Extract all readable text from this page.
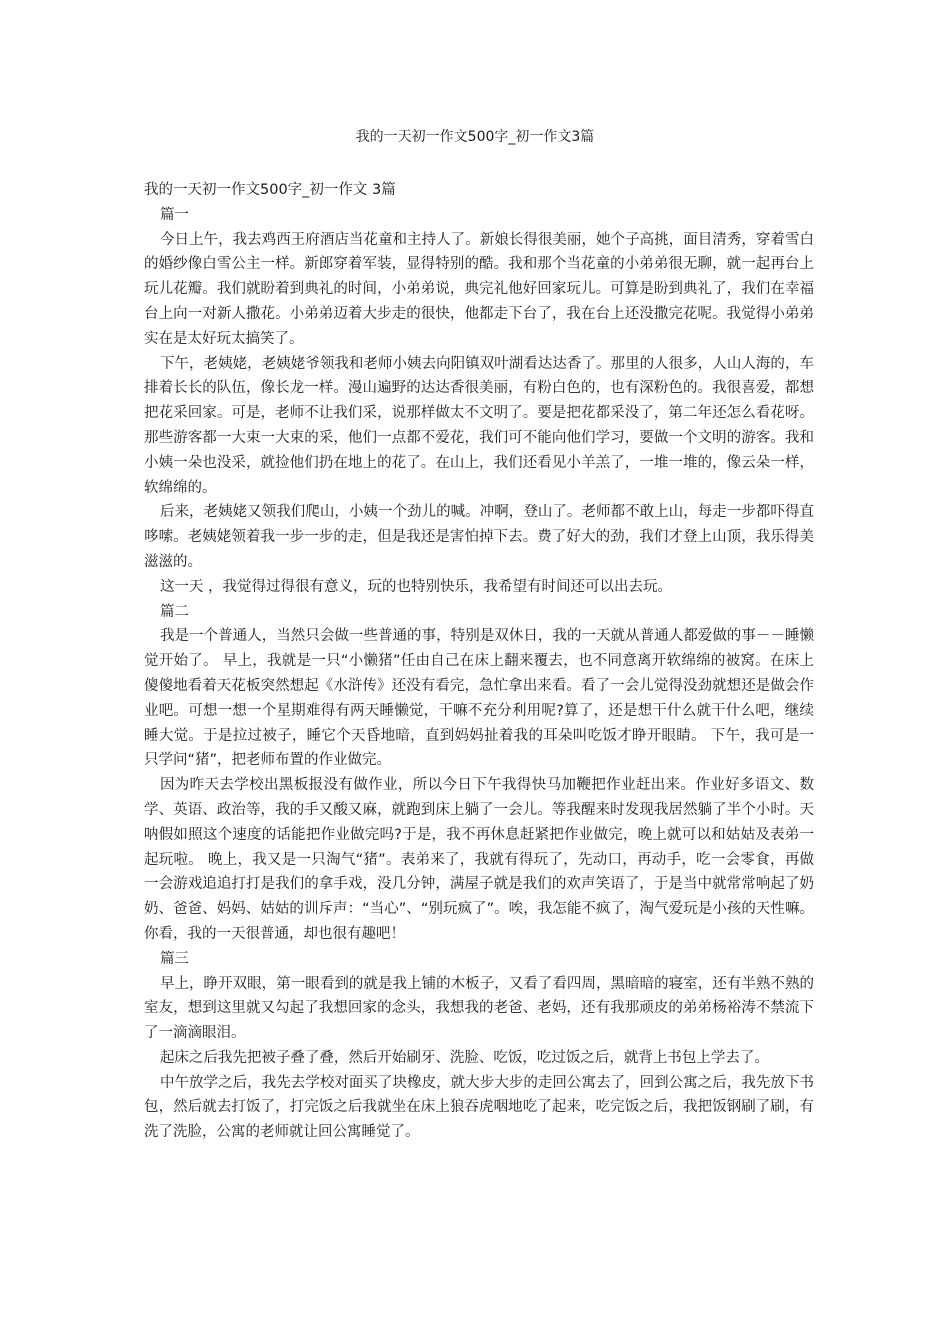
我的一天初一作文500字_初一作文3篇

我的一天初一作文500字_初一作文 3篇

篇一

今日上午，我去鸡西王府酒店当花童和主持人了。新娘长得很美丽，她个子高挑，面目清秀，穿着雪白的婚纱像白雪公主一样。新郎穿着军装，显得特别的酷。我和那个当花童的小弟弟很无聊，就一起再台上玩儿花瓣。我们就盼着到典礼的时间，小弟弟说，典完礼他好回家玩儿。可算是盼到典礼了，我们在幸福台上向一对新人撒花。小弟弟迈着大步走的很快，他都走下台了，我在台上还没撒完花呢。我觉得小弟弟实在是太好玩太搞笑了。

下午，老姨姥，老姨姥爷领我和老师小姨去向阳镇双叶湖看达达香了。那里的人很多，人山人海的，车排着长长的队伍，像长龙一样。漫山遍野的达达香很美丽，有粉白色的，也有深粉色的。我很喜爱，都想把花采回家。可是，老师不让我们采，说那样做太不文明了。要是把花都采没了，第二年还怎么看花呀。那些游客都一大束一大束的采，他们一点都不爱花，我们可不能向他们学习，要做一个文明的游客。我和小姨一朵也没采，就捡他们扔在地上的花了。在山上，我们还看见小羊羔了，一堆一堆的，像云朵一样，软绵绵的。

后来，老姨姥又领我们爬山，小姨一个劲儿的喊。冲啊，登山了。老师都不敢上山，每走一步都吓得直哆嗦。老姨姥领着我一步一步的走，但是我还是害怕掉下去。费了好大的劲，我们才登上山顶，我乐得美滋滋的。

这一天 ，我觉得过得很有意义，玩的也特别快乐，我希望有时间还可以出去玩。

篇二

我是一个普通人，当然只会做一些普通的事，特别是双休日，我的一天就从普通人都爱做的事－－睡懒觉开始了。 早上，我就是一只“小懒猪”任由自己在床上翻来覆去，也不同意离开软绵绵的被窝。在床上傻傻地看着天花板突然想起《水浒传》还没有看完，急忙拿出来看。看了一会儿觉得没劲就想还是做会作业吧。可想一想一个星期难得有两天睡懒觉，干嘛不充分利用呢?算了，还是想干什么就干什么吧，继续睡大觉。于是拉过被子，睡它个天昏地暗，直到妈妈扯着我的耳朵叫吃饭才睁开眼睛。 下午，我可是一只学问“猪”，把老师布置的作业做完。

因为昨天去学校出黑板报没有做作业，所以今日下午我得快马加鞭把作业赶出来。作业好多语文、数学、英语、政治等，我的手又酸又麻，就跑到床上躺了一会儿。等我醒来时发现我居然躺了半个小时。天呐假如照这个速度的话能把作业做完吗?于是，我不再休息赶紧把作业做完，晚上就可以和姑姑及表弟一起玩啦。 晚上，我又是一只淘气“猪”。表弟来了，我就有得玩了，先动口，再动手，吃一会零食，再做一会游戏追追打打是我们的拿手戏，没几分钟，满屋子就是我们的欢声笑语了，于是当中就常常响起了奶奶、爸爸、妈妈、姑姑的训斥声：“当心”、“别玩疯了”。唉，我怎能不疯了，淘气爱玩是小孩的天性嘛。 你看，我的一天很普通，却也很有趣吧！

篇三

早上，睁开双眼，第一眼看到的就是我上铺的木板子，又看了看四周，黑暗暗的寝室，还有半熟不熟的室友，想到这里就又勾起了我想回家的念头，我想我的老爸、老妈，还有我那顽皮的弟弟杨裕涛不禁流下了一滴滴眼泪。

起床之后我先把被子叠了叠，然后开始刷牙、洗脸、吃饭，吃过饭之后，就背上书包上学去了。

中午放学之后，我先去学校对面买了块橡皮，就大步大步的走回公寓去了，回到公寓之后，我先放下书包，然后就去打饭了，打完饭之后我就坐在床上狼吞虎咽地吃了起来，吃完饭之后，我把饭钢刷了刷，有洗了洗脸，公寓的老师就让回公寓睡觉了。
